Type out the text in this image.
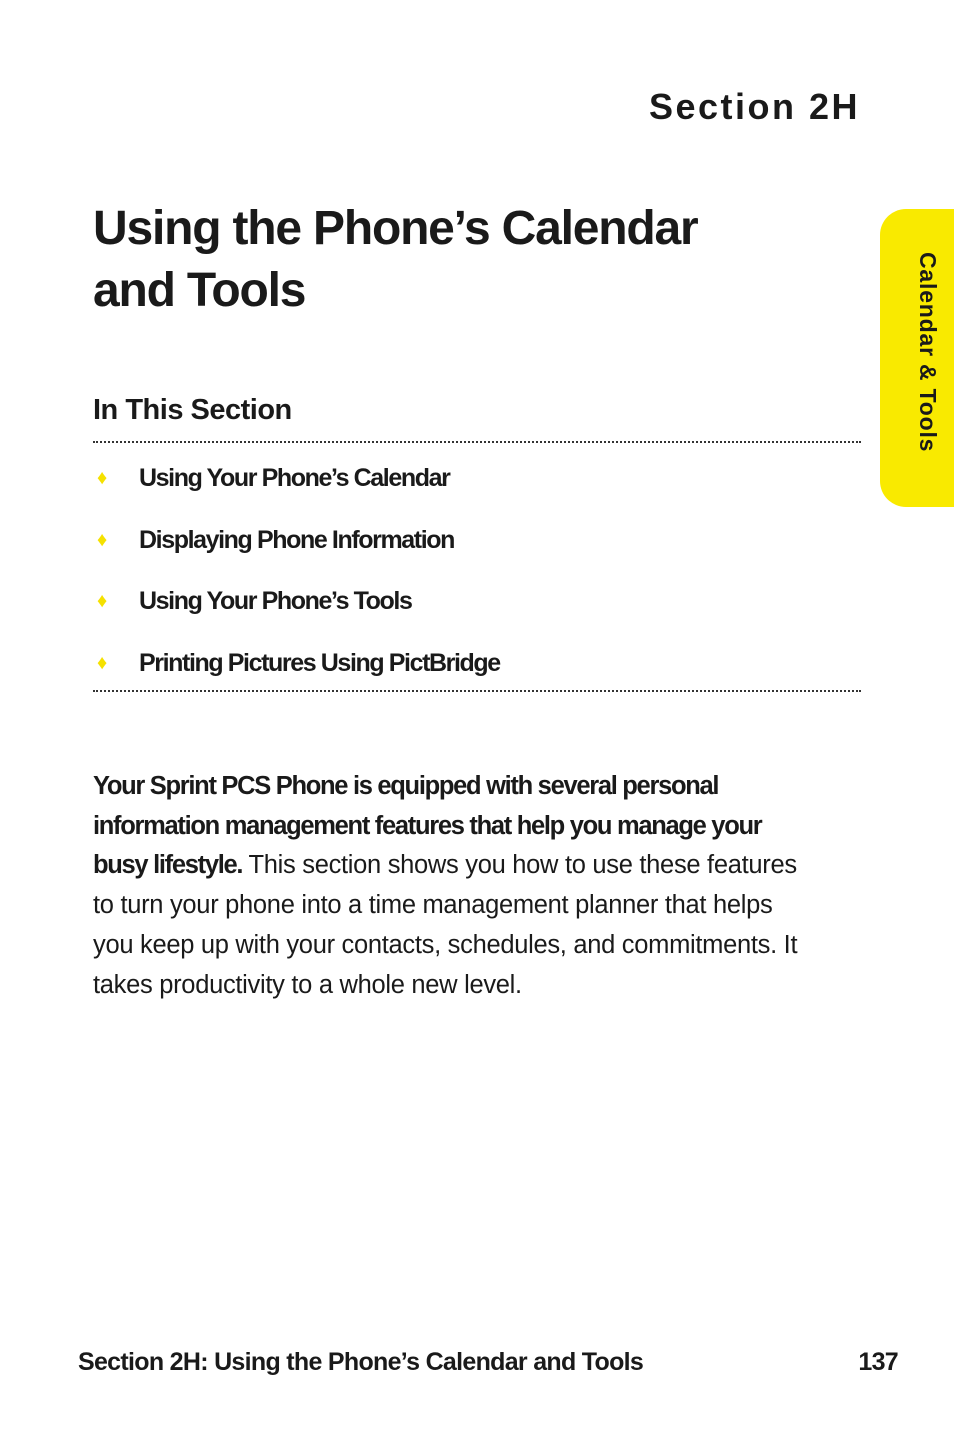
Section 2H
Using the Phone’s Calendar
and Tools
In This Section
♦	Using Your Phone’s Calendar
♦	Displaying Phone Information
♦	Using Your Phone’s Tools
♦	Printing Pictures Using PictBridge

Your Sprint PCS Phone is equipped with several personal information management features that help you manage your busy lifestyle. This section shows you how to use these features to turn your phone into a time management planner that helps you keep up with your contacts, schedules, and commitments. It takes productivity to a whole new level.

Calendar & Tools
Section 2H: Using the Phone’s Calendar and Tools	137
